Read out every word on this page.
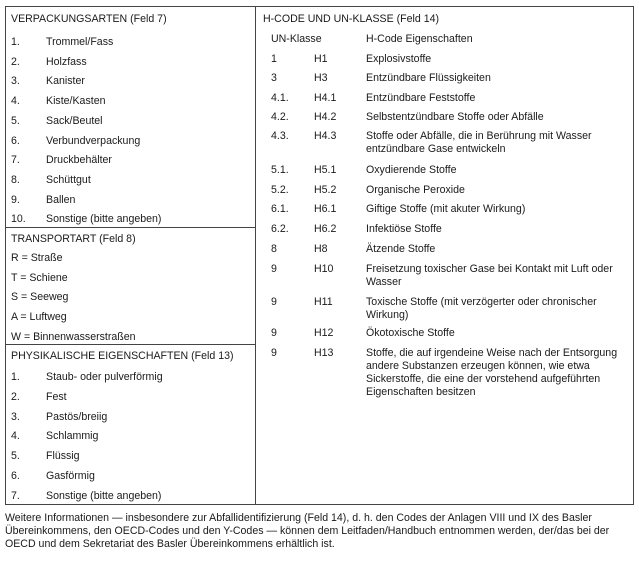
VERPACKUNGSARTEN (Feld 7)
1. Trommel/Fass
2. Holzfass
3. Kanister
4. Kiste/Kasten
5. Sack/Beutel
6. Verbundverpackung
7. Druckbehälter
8. Schüttgut
9. Ballen
10. Sonstige (bitte angeben)
TRANSPORTART (Feld 8)
R = Straße
T = Schiene
S = Seeweg
A = Luftweg
W = Binnenwasserstraßen
PHYSIKALISCHE EIGENSCHAFTEN (Feld 13)
1. Staub- oder pulverförmig
2. Fest
3. Pastös/breiig
4. Schlammig
5. Flüssig
6. Gasförmig
7. Sonstige (bitte angeben)
H-CODE UND UN-KLASSE (Feld 14)
UN-Klasse	H-Code Eigenschaften
1	H1	Explosivstoffe
3	H3	Entzündbare Flüssigkeiten
4.1. H4.1	Entzündbare Feststoffe
4.2. H4.2	Selbstentzündbare Stoffe oder Abfälle
4.3. H4.3	Stoffe oder Abfälle, die in Berührung mit Wasser entzündbare Gase entwickeln
5.1. H5.1	Oxydierende Stoffe
5.2. H5.2	Organische Peroxide
6.1. H6.1	Giftige Stoffe (mit akuter Wirkung)
6.2. H6.2	Infektiöse Stoffe
8	H8	Ätzende Stoffe
9	H10	Freisetzung toxischer Gase bei Kontakt mit Luft oder Wasser
9	H11	Toxische Stoffe (mit verzögerter oder chronischer Wirkung)
9	H12	Ökotoxische Stoffe
9	H13	Stoffe, die auf irgendeine Weise nach der Entsorgung andere Substanzen erzeugen können, wie etwa Sickerstoffe, die eine der vorstehend aufgeführten Eigenschaften besitzen
Weitere Informationen — insbesondere zur Abfallidentifizierung (Feld 14), d. h. den Codes der Anlagen VIII und IX des Basler Übereinkommens, den OECD-Codes und den Y-Codes — können dem Leitfaden/Handbuch entnommen werden, der/das bei der OECD und dem Sekretariat des Basler Übereinkommens erhältlich ist.
